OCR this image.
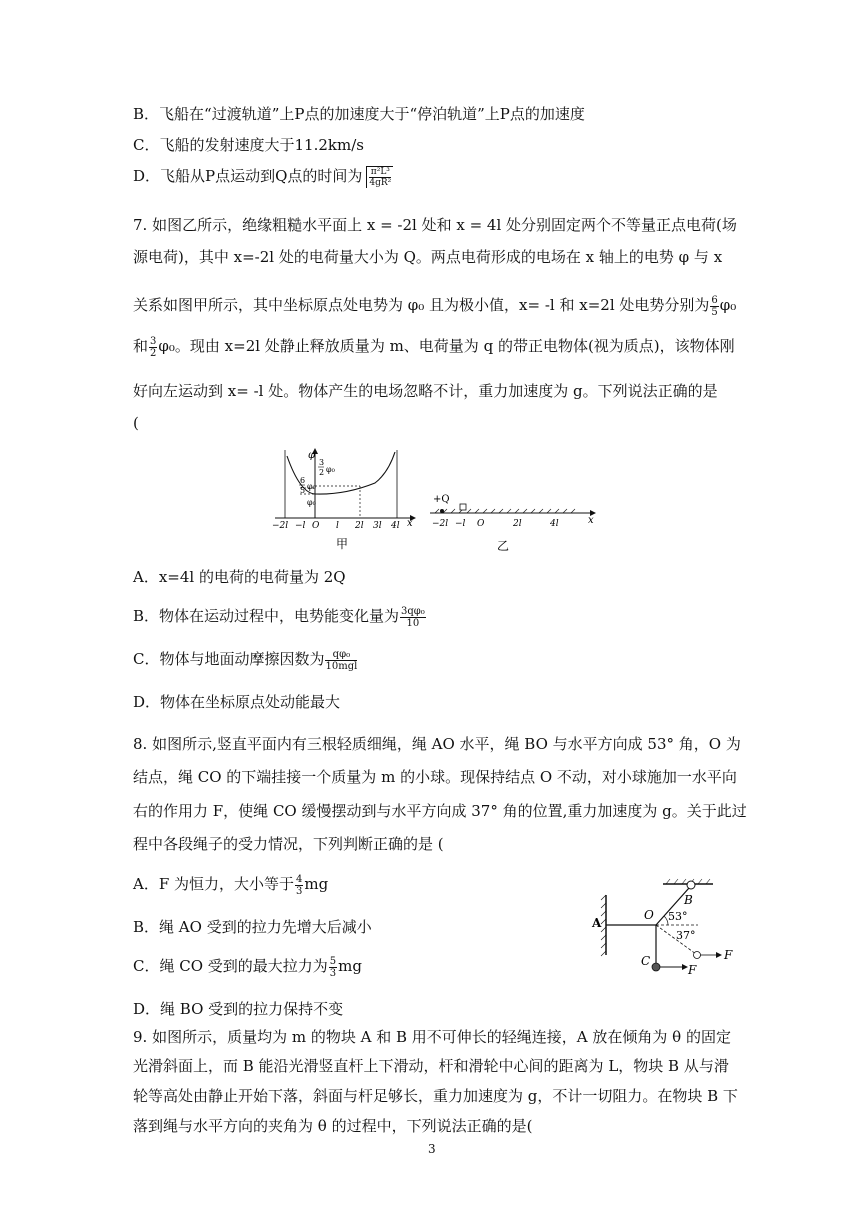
B．飞船在“过渡轨道”上P点的加速度大于“停泊轨道”上P点的加速度
C．飞船的发射速度大于11.2km/s
D．飞船从P点运动到Q点的时间为 $\frac{\text{π²L³}}{\text{4gR²}}$
7. 如图乙所示，绝缘粗糙水平面上 x = -2l 处和 x = 4l 处分别固定两个不等量正点电荷(场
源电荷)，其中 x=-2l 处的电荷量大小为 Q。两点电荷形成的电场在 x 轴上的电势 φ 与 x
关系如图甲所示，其中坐标原点处电势为 φ₀ 且为极小值，x= -l 和 x=2l 处电势分别为 $\frac{6}{5} \varphi_0$
和 $\frac{3}{2} \varphi_0$。现由 x=2l 处静止释放质量为 m、电荷量为 q 的带正电物体(视为质点)，该物体刚
好向左运动到 x= -l 处。物体产生的电场忽略不计，重力加速度为 g。下列说法正确的是
(
φ
3
2 φ₀
6
5 φ₀
φ₀
−2l −l O l 2l 3l 4l x
甲
+Q
−2l −l O	2l	4l	x
乙
A．x=4l 的电荷的电荷量为 2Q
B．物体在运动过程中，电势能变化量为 $\frac{\text{3qφ₀}}{10}$
C．物体与地面动摩擦因数为 qφ₀
10mgl
D．物体在坐标原点处动能最大
8. 如图所示,竖直平面内有三根轻质细绳，绳 AO 水平，绳 BO 与水平方向成 53° 角，O 为
结点，绳 CO 的下端挂接一个质量为 m 的小球。现保持结点 O 不动，对小球施加一水平向
右的作用力 F，使绳 CO 缓慢摆动到与水平方向成 37° 角的位置,重力加速度为 g。关于此过
程中各段绳子的受力情况，下列判断正确的是 (
A．F 为恒力，大小等于 $\frac{4}{3}$ mg
B．绳 AO 受到的拉力先增大后减小
C．绳 CO 受到的最大拉力为 $\frac{5}{3}$ mg
D．绳 BO 受到的拉力保持不变
A
B
O
C
53°
37°
F
F
9. 如图所示，质量均为 m 的物块 A 和 B 用不可伸长的轻绳连接，A 放在倾角为 θ 的固定
光滑斜面上，而 B 能沿光滑竖直杆上下滑动，杆和滑轮中心间的距离为 L，物块 B 从与滑
轮等高处由静止开始下落，斜面与杆足够长，重力加速度为 g，不计一切阻力。在物块 B 下
落到绳与水平方向的夹角为 θ 的过程中，下列说法正确的是(
3
